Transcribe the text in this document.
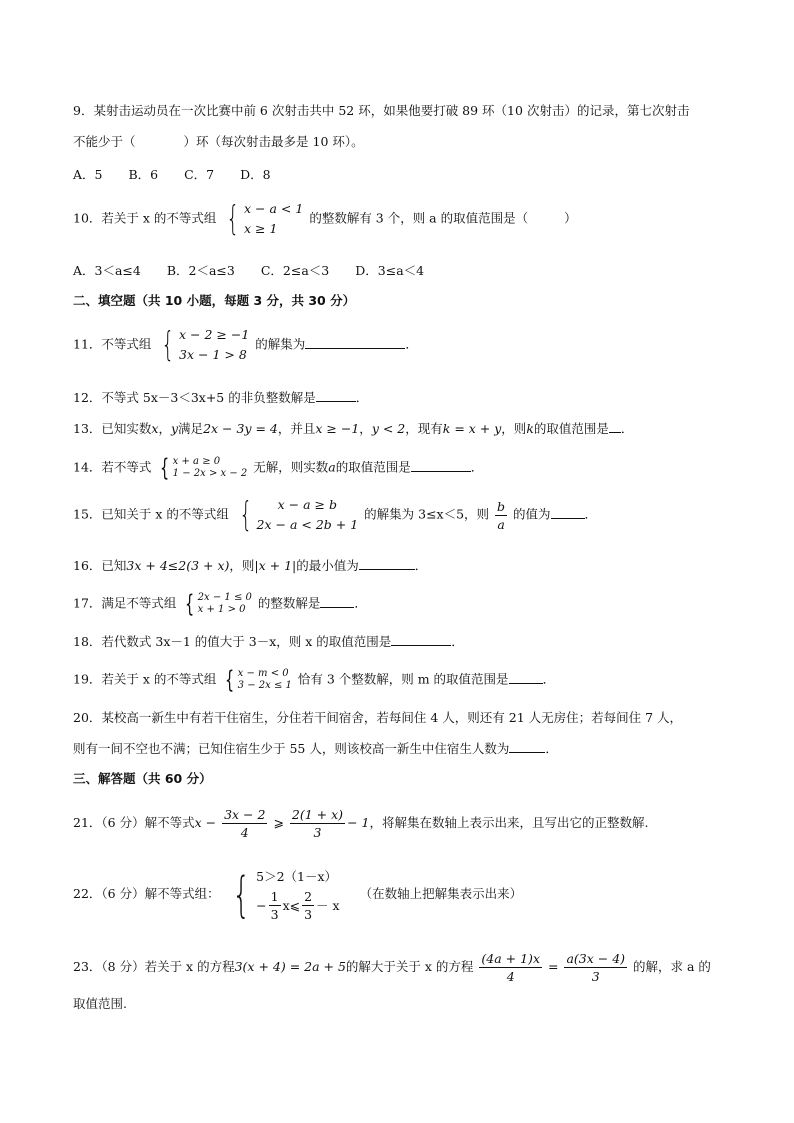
9．某射击运动员在一次比赛中前 6 次射击共中 52 环，如果他要打破 89 环（10 次射击）的记录，第七次射击
不能少于（	）环（每次射击最多是 10 环）。
A．5 B．6 C．7 D．8
10．若关于 x 的不等式组 { x − a < 1
x ≥ 1
的整数解有 3 个，则 a 的取值范围是（	）
A．3＜a≤4 B．2＜a≤3 C．2≤a＜3 D．3≤a＜4
二、填空题（共 10 小题，每题 3 分，共 30 分）
11．不等式组 { x − 2 ≥ −1
3x − 1 > 8
的解集为	．
12．不等式 5x－3＜3x+5 的非负整数解是	．
13．已知实数x，y满足2x − 3y = 4，并且x ≥ −1，y < 2，现有k = x + y，则k的取值范围是 ．
14．若不等式 { x + a ≥ 0
1 − 2x > x − 2 无解，则实数a的取值范围是	．
15．已知关于 x 的不等式组 {	x − a ≥ b
2x − a < 2b + 1
的解集为 3≤x＜5，则 $\frac{b}{a}$ 的值为	．
16．已知3x + 4≤2(3 + x)，则|x + 1|的最小值为	．
17．满足不等式组 { 2x − 1 ≤ 0
x + 1 > 0 的整数解是	．
18．若代数式 3x－1 的值大于 3－x，则 x 的取值范围是	．
19．若关于 x 的不等式组 { x − m < 0
3 − 2x ≤ 1 恰有 3 个整数解，则 m 的取值范围是	．
20．某校高一新生中有若干住宿生，分住若干间宿舍，若每间住 4 人，则还有 21 人无房住；若每间住 7 人，
则有一间不空也不满；已知住宿生少于 55 人，则该校高一新生中住宿生人数为	．
三、解答题（共 60 分）
21．（6 分）解不等式$x - \frac{3x - 2}{4}$ ⩾ $\frac{2(1 + x)}{3} - 1$，将解集在数轴上表示出来，且写出它的正整数解.
22．（6 分）解不等式组： { 5＞2（1－x）
− $\frac{1}{3}$ x⩽ $\frac{2}{3} - x$
（在数轴上把解集表示出来）
23．（8 分）若关于 x 的方程3(x + 4) = 2a + 5的解大于关于 x 的方程 $\frac{(4a + 1)x}{4} = \frac{a(3x - 4)}{3}$ 的解，求 a 的
取值范围.
